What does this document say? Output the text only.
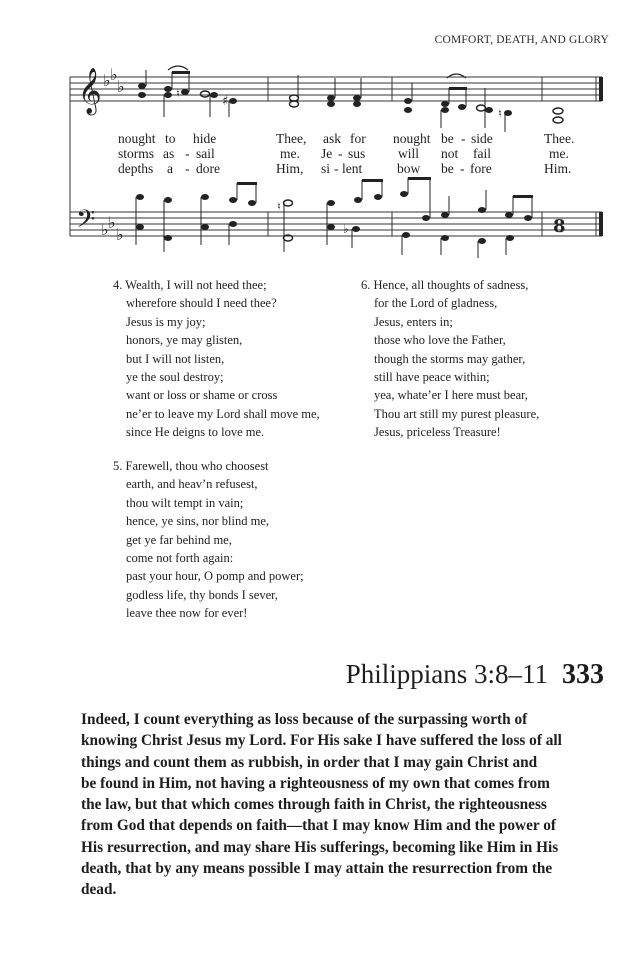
COMFORT, DEATH, AND GLORY
𝄞
𝄢
♭ ♭
♭
♭ ♭
♭
♯
♮
♮
♮
♭	8
nought to hide	Thee, ask for nought be - side	Thee.
storms as - sail	me. Je - sus will not fail	me.
depths a - dore	Him, si - lent	bow be - fore	Him.
4. Wealth, I will not heed thee;
wherefore should I need thee?
Jesus is my joy;
honors, ye may glisten,
but I will not listen,
ye the soul destroy;
want or loss or shame or cross
ne’er to leave my Lord shall move me,
since He deigns to love me.
5. Farewell, thou who choosest
earth, and heav’n refusest,
thou wilt tempt in vain;
hence, ye sins, nor blind me,
get ye far behind me,
come not forth again:
past your hour, O pomp and power;
godless life, thy bonds I sever,
leave thee now for ever!
6. Hence, all thoughts of sadness,
for the Lord of gladness,
Jesus, enters in;
those who love the Father,
though the storms may gather,
still have peace within;
yea, whate’er I here must bear,
Thou art still my purest pleasure,
Jesus, priceless Treasure!
Philippians 3:8–11 333
Indeed, I count everything as loss because of the surpassing worth of
knowing Christ Jesus my Lord. For His sake I have suffered the loss of all
things and count them as rubbish, in order that I may gain Christ and
be found in Him, not having a righteousness of my own that comes from
the law, but that which comes through faith in Christ, the righteousness
from God that depends on faith—that I may know Him and the power of
His resurrection, and may share His sufferings, becoming like Him in His
death, that by any means possible I may attain the resurrection from the
dead.
